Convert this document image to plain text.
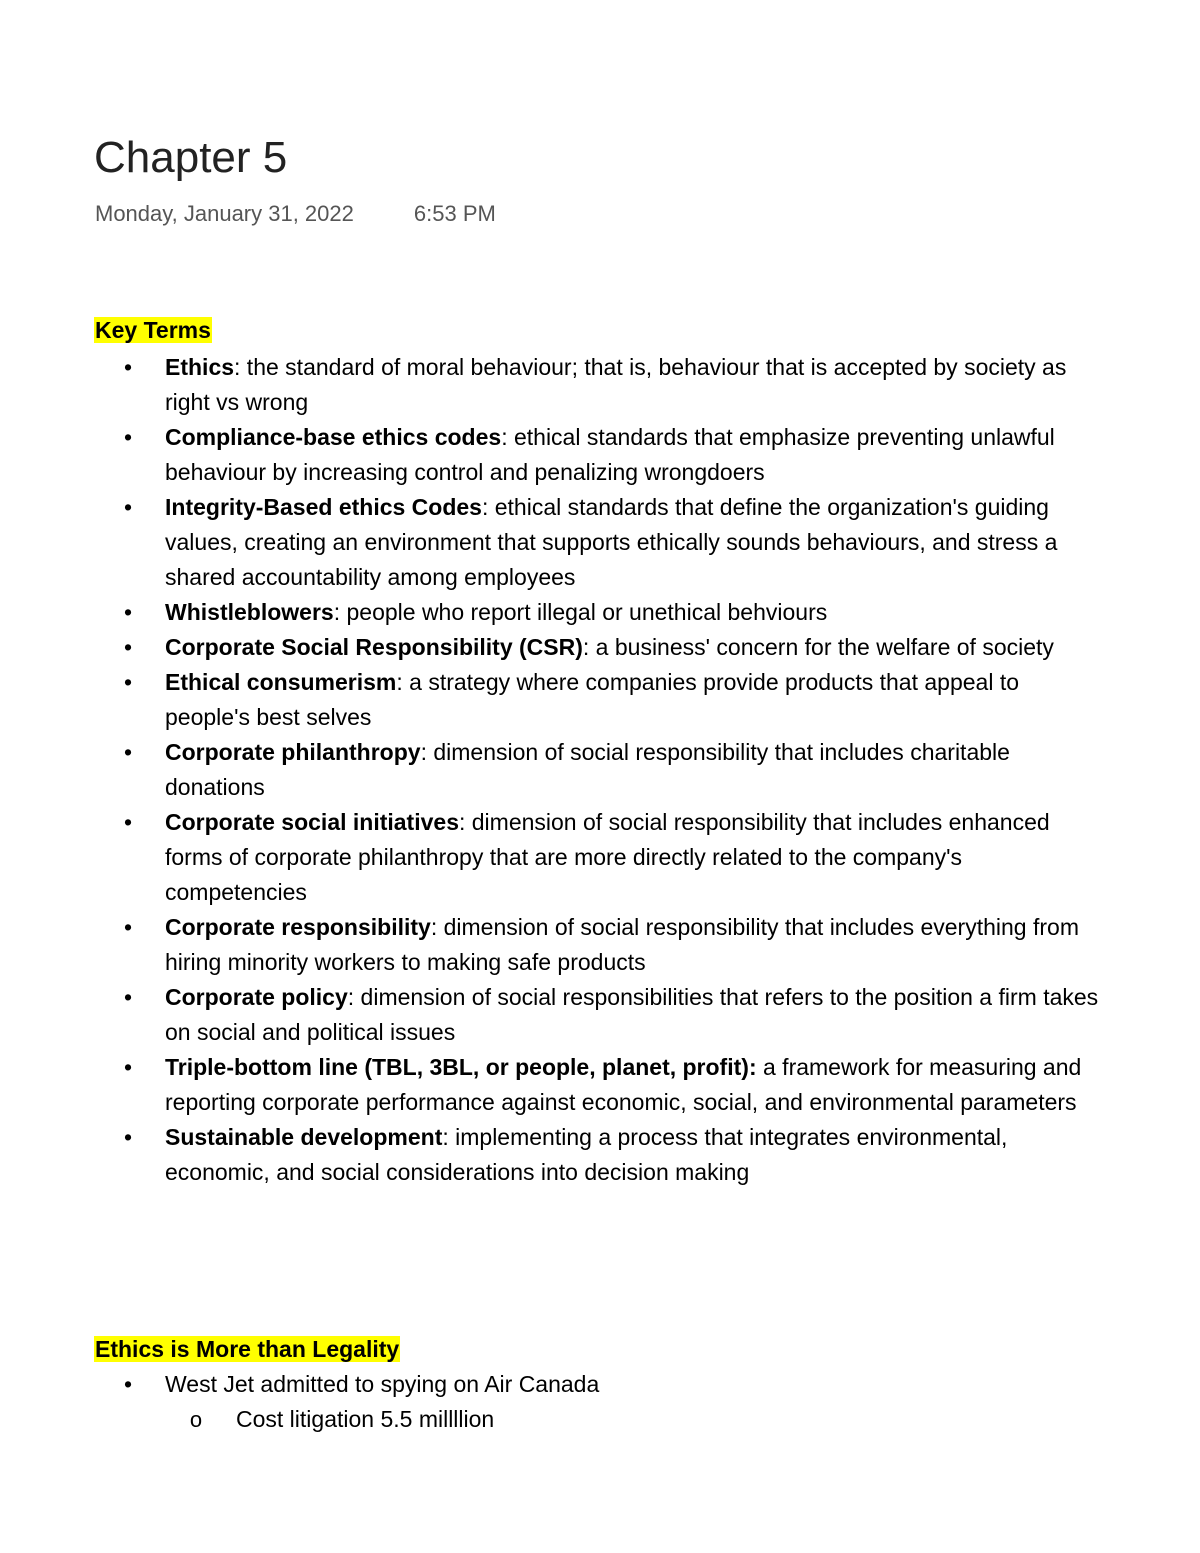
Chapter 5
Monday, January 31, 2022	6:53 PM
Key Terms
• Ethics: the standard of moral behaviour; that is, behaviour that is accepted by society as right vs wrong
• Compliance-base ethics codes: ethical standards that emphasize preventing unlawful behaviour by increasing control and penalizing wrongdoers
• Integrity-Based ethics Codes: ethical standards that define the organization's guiding values, creating an environment that supports ethically sounds behaviours, and stress a shared accountability among employees
• Whistleblowers: people who report illegal or unethical behviours
• Corporate Social Responsibility (CSR): a business' concern for the welfare of society
• Ethical consumerism: a strategy where companies provide products that appeal to people's best selves
• Corporate philanthropy: dimension of social responsibility that includes charitable donations
• Corporate social initiatives: dimension of social responsibility that includes enhanced forms of corporate philanthropy that are more directly related to the company's competencies
• Corporate responsibility: dimension of social responsibility that includes everything from hiring minority workers to making safe products
• Corporate policy: dimension of social responsibilities that refers to the position a firm takes on social and political issues
• Triple-bottom line (TBL, 3BL, or people, planet, profit): a framework for measuring and reporting corporate performance against economic, social, and environmental parameters
• Sustainable development: implementing a process that integrates environmental, economic, and social considerations into decision making
Ethics is More than Legality
• West Jet admitted to spying on Air Canada
o Cost litigation 5.5 millllion
